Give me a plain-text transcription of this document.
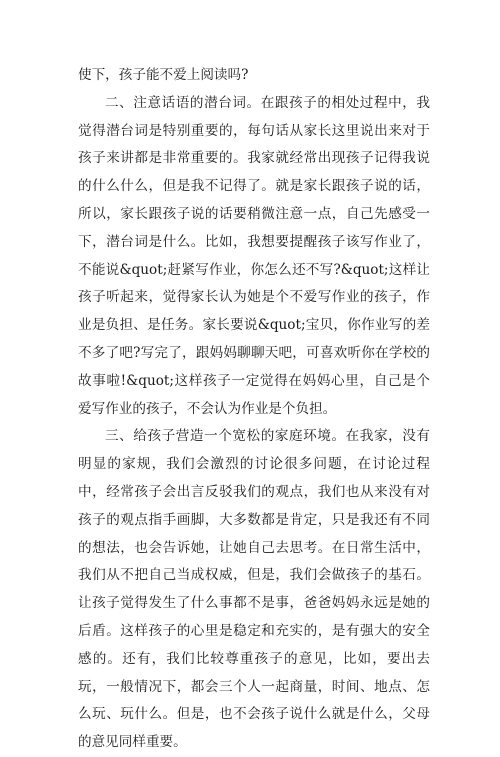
使下，孩子能不爱上阅读吗?

二、注意话语的潜台词。在跟孩子的相处过程中，我觉得潜台词是特别重要的，每句话从家长这里说出来对于孩子来讲都是非常重要的。我家就经常出现孩子记得我说的什么什么，但是我不记得了。就是家长跟孩子说的话，所以，家长跟孩子说的话要稍微注意一点，自己先感受一下，潜台词是什么。比如，我想要提醒孩子该写作业了，不能说&quot;赶紧写作业，你怎么还不写?&quot;这样让孩子听起来，觉得家长认为她是个不爱写作业的孩子，作业是负担、是任务。家长要说&quot;宝贝，你作业写的差不多了吧?写完了，跟妈妈聊聊天吧，可喜欢听你在学校的故事啦!&quot;这样孩子一定觉得在妈妈心里，自己是个爱写作业的孩子，不会认为作业是个负担。

三、给孩子营造一个宽松的家庭环境。在我家，没有明显的家规，我们会激烈的讨论很多问题，在讨论过程中，经常孩子会出言反驳我们的观点，我们也从来没有对孩子的观点指手画脚，大多数都是肯定，只是我还有不同的想法，也会告诉她，让她自己去思考。在日常生活中，我们从不把自己当成权威，但是，我们会做孩子的基石。让孩子觉得发生了什么事都不是事，爸爸妈妈永远是她的后盾。这样孩子的心里是稳定和充实的，是有强大的安全感的。还有，我们比较尊重孩子的意见，比如，要出去玩，一般情况下，都会三个人一起商量，时间、地点、怎么玩、玩什么。但是，也不会孩子说什么就是什么，父母的意见同样重要。
